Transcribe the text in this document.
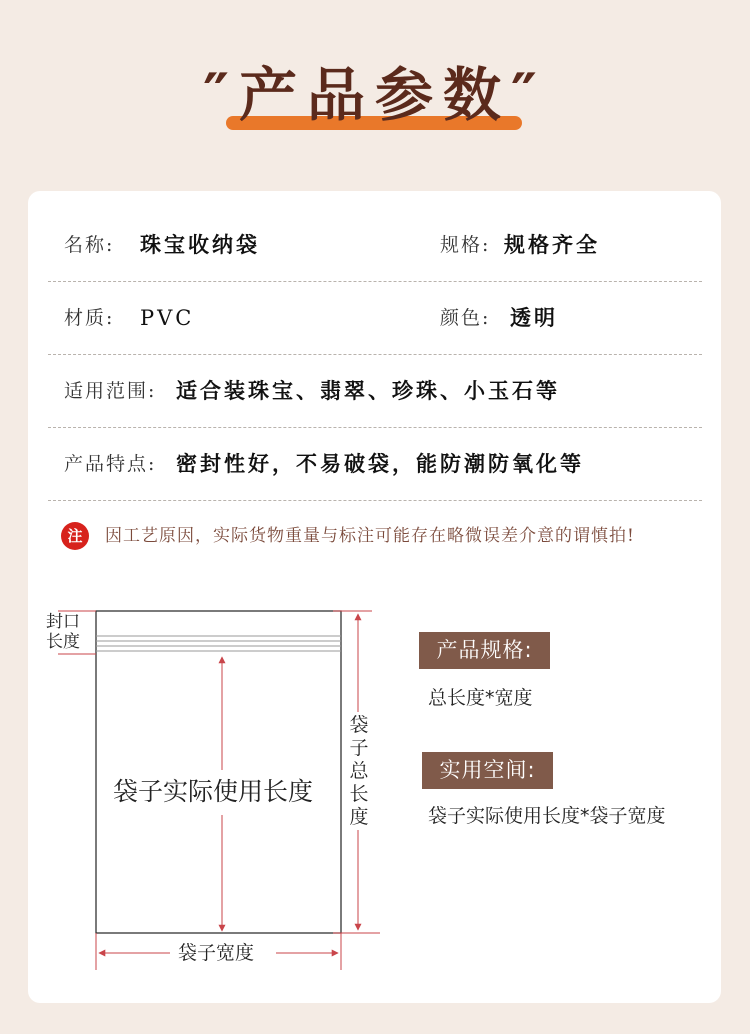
″产品参数″
名称: 珠宝收纳袋	规格: 规格齐全
材质: PVC	颜色: 透明
适用范围: 适合装珠宝、翡翠、珍珠、小玉石等
产品特点: 密封性好，不易破袋，能防潮防氧化等
注	因工艺原因，实际货物重量与标注可能存在略微误差介意的谓慎拍!
封口长度
袋子实际使用长度
袋子宽度
袋子总长度
产品规格:
总长度*宽度
实用空间:
袋子实际使用长度*袋子宽度
